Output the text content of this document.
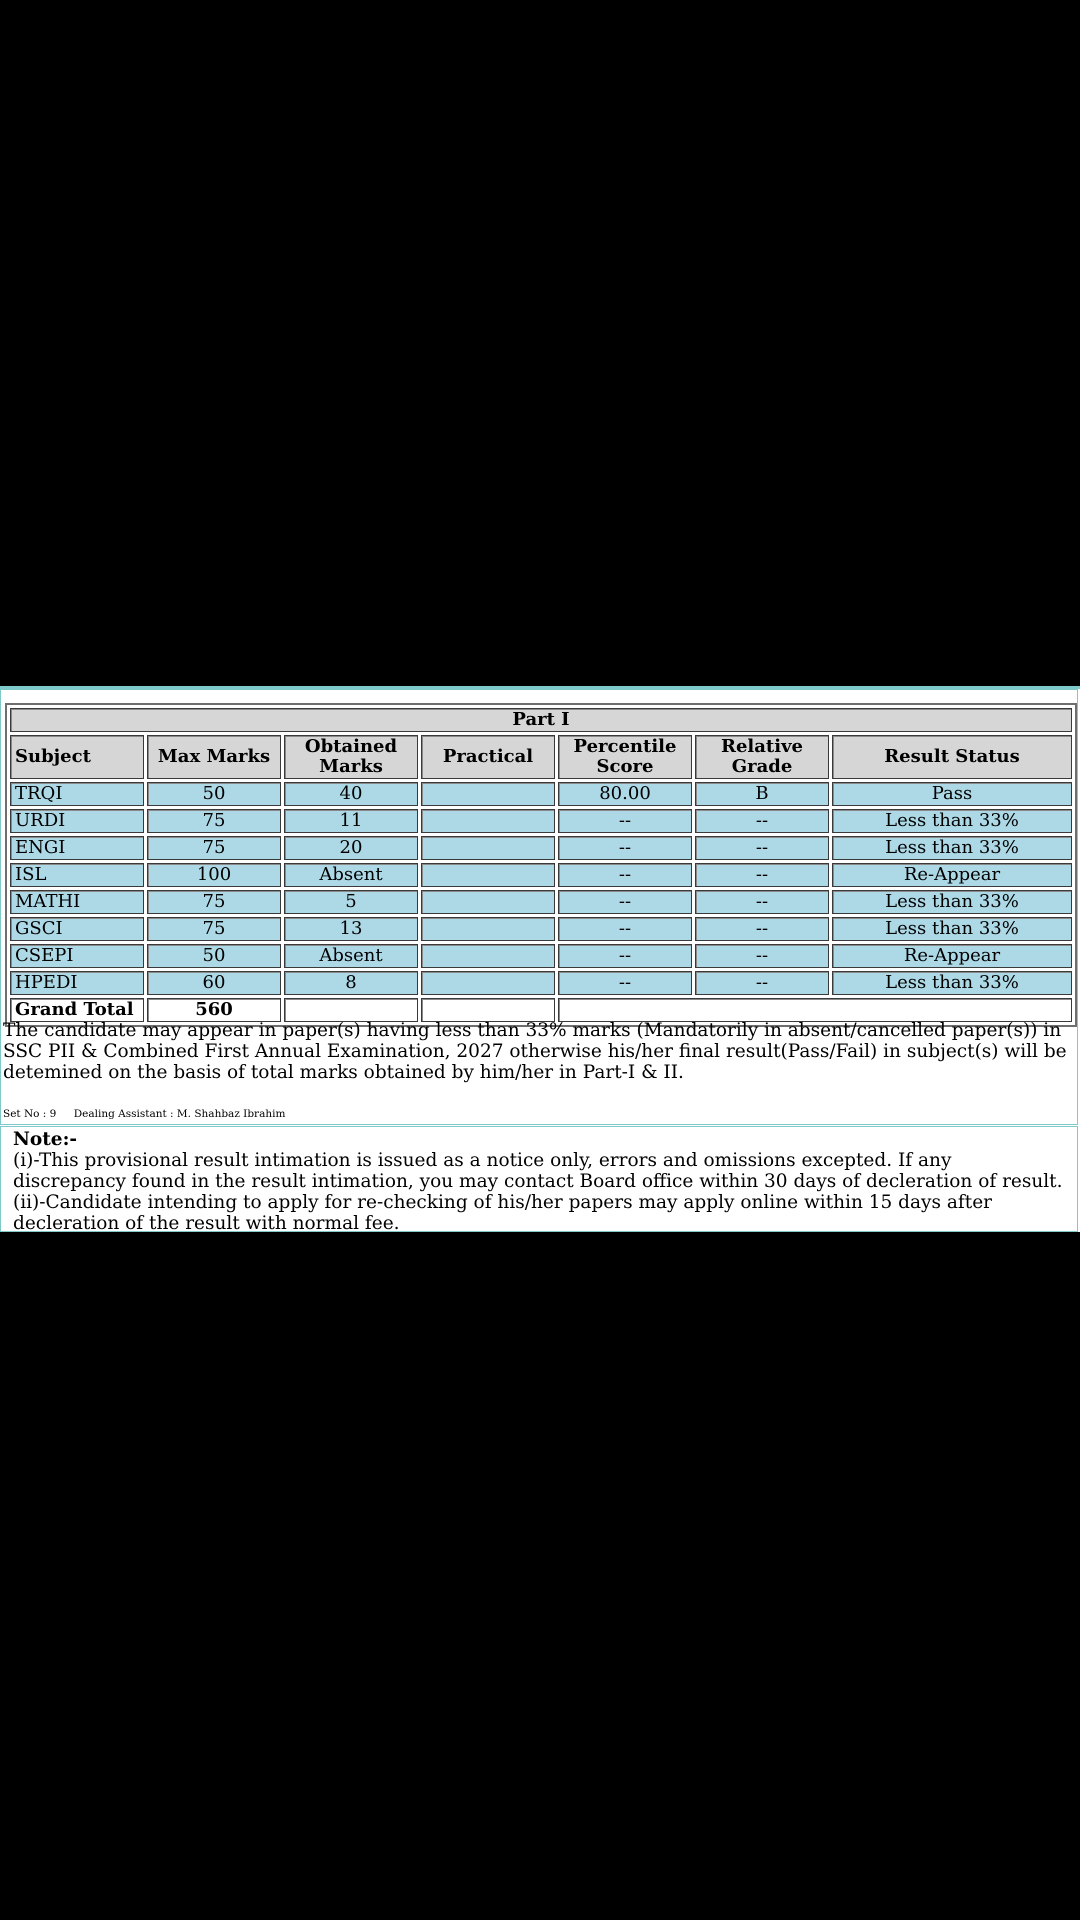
Part I						
Subject	Max Marks	Obtained Marks	Practical	Percentile Score	Relative Grade	Result Status
TRQI	50	40		80.00	B	Pass
URDI	75	11		--	--	Less than 33%
ENGI	75	20		--	--	Less than 33%
ISL	100	Absent		--	--	Re-Appear
MATHI	75	5		--	--	Less than 33%
GSCI	75	13		--	--	Less than 33%
CSEPI	50	Absent		--	--	Re-Appear
HPEDI	60	8		--	--	Less than 33%
Grand Total	560					
The candidate may appear in paper(s) having less than 33% marks (Mandatorily in absent/cancelled paper(s)) in SSC PII & Combined First Annual Examination, 2027 otherwise his/her final result(Pass/Fail) in subject(s) will be detemined on the basis of total marks obtained by him/her in Part-I & II.
Set No : 9 Dealing Assistant : M. Shahbaz Ibrahim
Note:-
(i)-This provisional result intimation is issued as a notice only, errors and omissions excepted. If any discrepancy found in the result intimation, you may contact Board office within 30 days of decleration of result.
(ii)-Candidate intending to apply for re-checking of his/her papers may apply online within 15 days after decleration of the result with normal fee.
